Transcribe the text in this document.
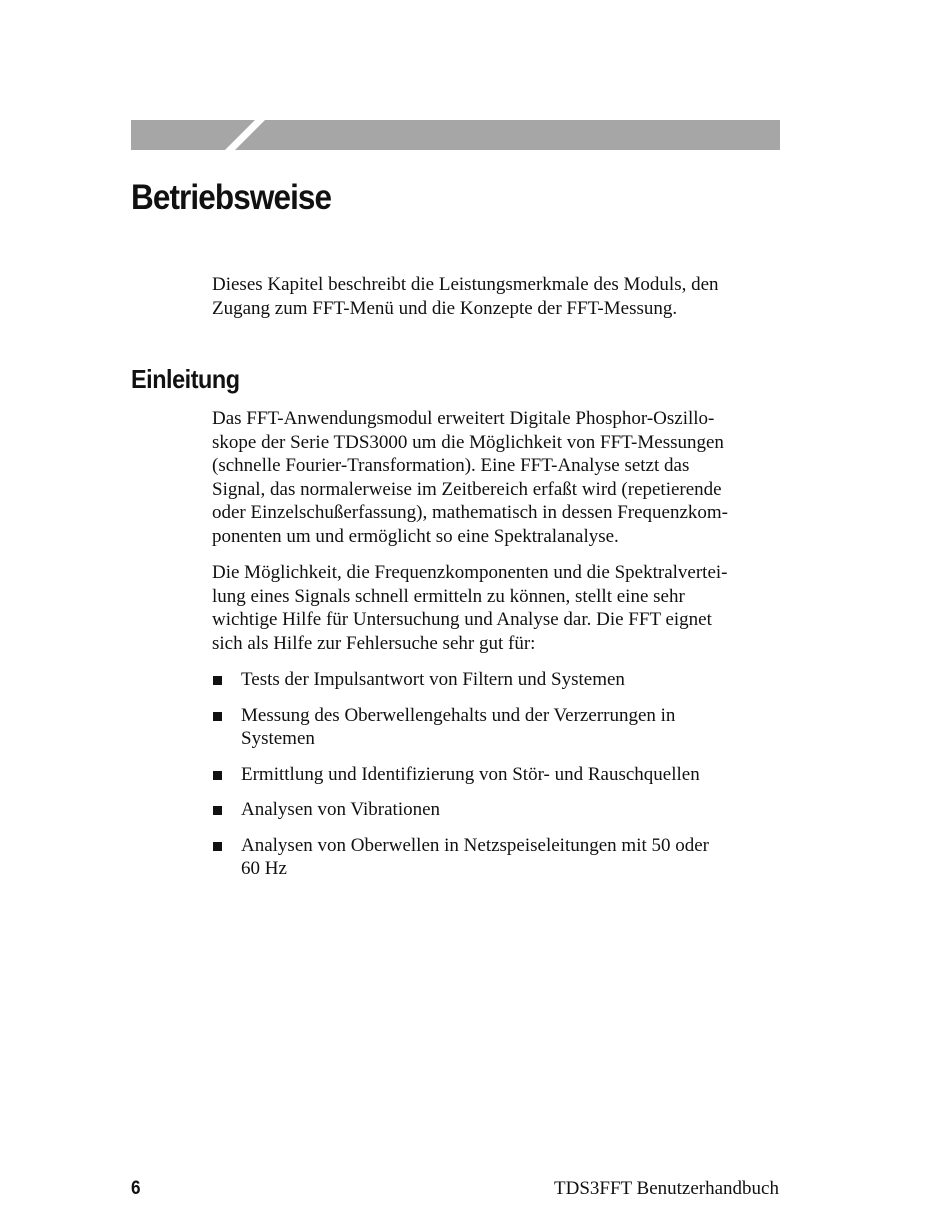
Betriebsweise

Dieses Kapitel beschreibt die Leistungsmerkmale des Moduls, den
Zugang zum FFT-Menü und die Konzepte der FFT-Messung.

Einleitung

Das FFT-Anwendungsmodul erweitert Digitale Phosphor-Oszillo-
skope der Serie TDS3000 um die Möglichkeit von FFT-Messungen
(schnelle Fourier-Transformation). Eine FFT-Analyse setzt das
Signal, das normalerweise im Zeitbereich erfaßt wird (repetierende
oder Einzelschußerfassung), mathematisch in dessen Frequenzkom-
ponenten um und ermöglicht so eine Spektralanalyse.

Die Möglichkeit, die Frequenzkomponenten und die Spektralvertei-
lung eines Signals schnell ermitteln zu können, stellt eine sehr
wichtige Hilfe für Untersuchung und Analyse dar. Die FFT eignet
sich als Hilfe zur Fehlersuche sehr gut für:

Tests der Impulsantwort von Filtern und Systemen
Messung des Oberwellengehalts und der Verzerrungen in
Systemen
Ermittlung und Identifizierung von Stör- und Rauschquellen
Analysen von Vibrationen
Analysen von Oberwellen in Netzspeiseleitungen mit 50 oder
60 Hz
6	TDS3FFT Benutzerhandbuch
